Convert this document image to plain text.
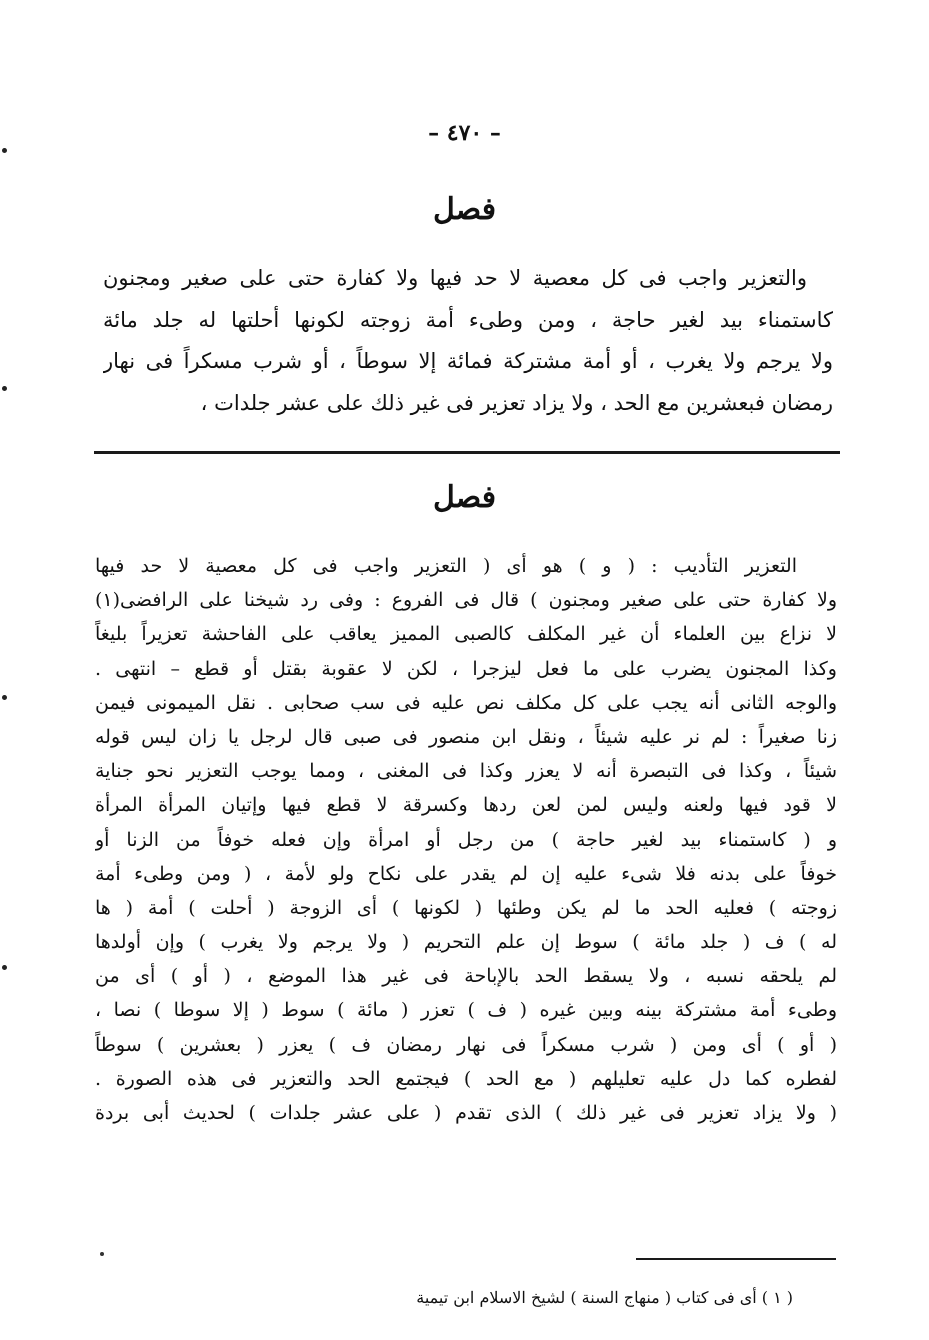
– ٤٧٠ –
فصل
والتعزير واجب فى كل معصية لا حد فيها ولا كفارة حتى على صغير ومجنون
كاستمناء بيد لغير حاجة ، ومن وطىء أمة زوجته لكونها أحلتها له جلد مائة
ولا يرجم ولا يغرب ، أو أمة مشتركة فمائة إلا سوطاً ، أو شرب مسكراً فى نهار
رمضان فبعشرين مع الحد ، ولا يزاد تعزير فى غير ذلك على عشر جلدات ،
فصل
التعزير التأديب : ( و ) هو أى ( التعزير واجب فى كل معصية لا حد فيها
ولا كفارة حتى على صغير ومجنون ) قال فى الفروع : وفى رد شيخنا على الرافضى(١)
لا نزاع بين العلماء أن غير المكلف كالصبى المميز يعاقب على الفاحشة تعزيراً بليغاً
وكذا المجنون يضرب على ما فعل ليزجرا ، لكن لا عقوبة بقتل أو قطع – انتهى .
والوجه الثانى أنه يجب على كل مكلف نص عليه فى سب صحابى . نقل الميمونى فيمن
زنا صغيراً : لم نر عليه شيئاً ، ونقل ابن منصور فى صبى قال لرجل يا زان ليس قوله
شيئاً ، وكذا فى التبصرة أنه لا يعزر وكذا فى المغنى ، ومما يوجب التعزير نحو جناية
لا قود فيها ولعنه وليس لمن لعن ردها وكسرقة لا قطع فيها وإتيان المرأة المرأة
و ( كاستمناء بيد لغير حاجة ) من رجل أو امرأة وإن فعله خوفاً من الزنا أو
خوفاً على بدنه فلا شىء عليه إن لم يقدر على نكاح ولو لأمة ، ( ومن وطىء أمة
زوجته ) فعليه الحد ما لم يكن وطئها ( لكونها ) أى الزوجة ( أحلت ) أمة ( ها
له ) ف ( جلد مائة ) سوط إن علم التحريم ( ولا يرجم ولا يغرب ) وإن أولدها
لم يلحقه نسبه ، ولا يسقط الحد بالإباحة فى غير هذا الموضع ، ( أو ) أى من
وطىء أمة مشتركة بينه وبين غيره ( ف ) تعزر ( مائة ) سوط ( إلا سوطا ) نصا ،
( أو ) أى ومن ( شرب مسكراً فى نهار رمضان ف ) يعزر ( بعشرين ) سوطاً
لفطره كما دل عليه تعليلهم ( مع الحد ) فيجتمع الحد والتعزير فى هذه الصورة .
( ولا يزاد تعزير فى غير ذلك ) الذى تقدم ( على عشر جلدات ) لحديث أبى بردة
( ١ ) أى فى كتاب ( منهاج السنة ) لشيخ الاسلام ابن تيمية
